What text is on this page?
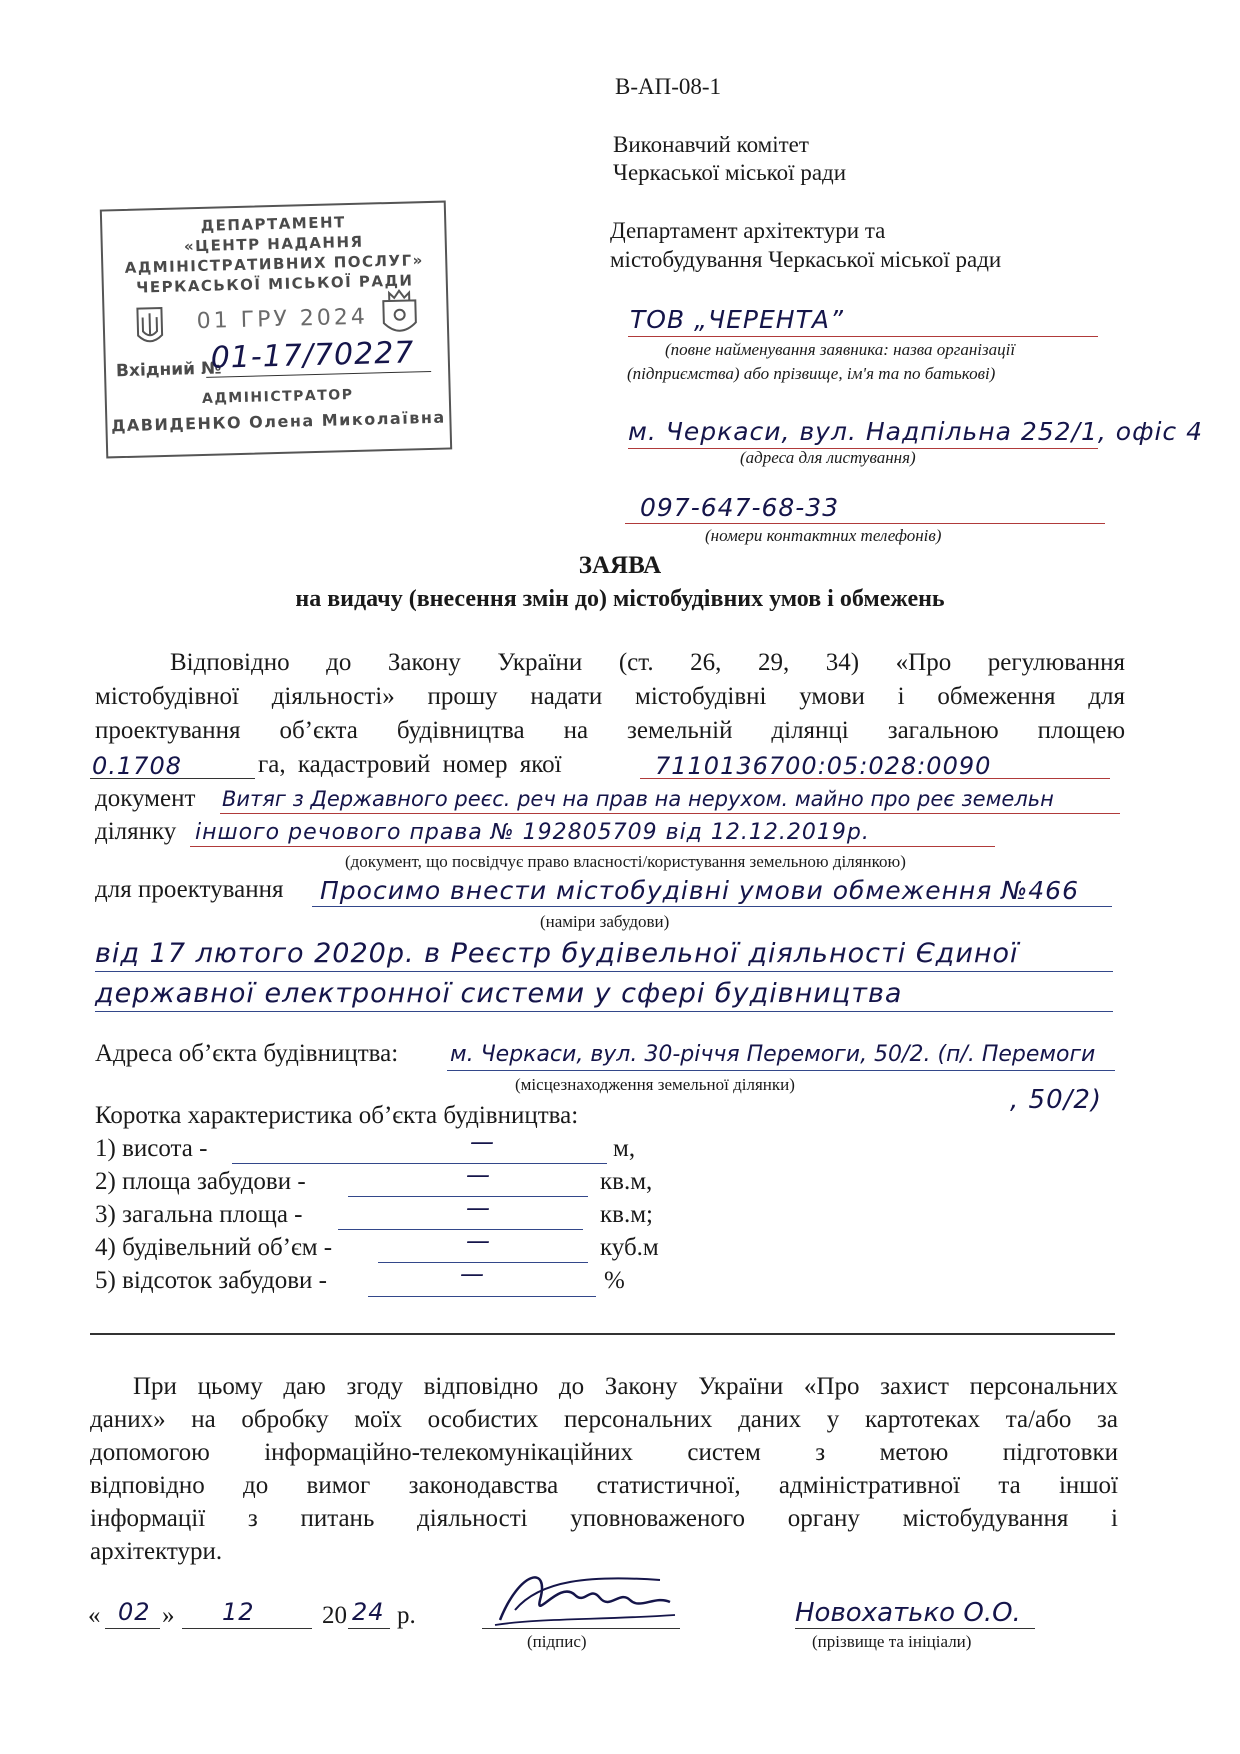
В-АП-08-1
Виконавчий комітет
Черкаської міської ради
Департамент архітектури та
містобудування Черкаської міської ради
ДЕПАРТАМЕНТ
«ЦЕНТР НАДАННЯ
АДМІНІСТРАТИВНИХ ПОСЛУГ»
ЧЕРКАСЬКОЇ МІСЬКОЇ РАДИ
01 ГРУ 2024
Вхідний №
01-17/70227
АДМІНІСТРАТОР
ДАВИДЕНКО Олена Миколаївна
ТОВ „ЧЕРЕНТА”
(повне найменування заявника: назва організації
(підприємства) або прізвище, ім'я та по батькові)
м. Черкаси, вул. Надпільна 252/1, офіс 4
(адреса для листування)
097-647-68-33
(номери контактних телефонів)
ЗАЯВА
на видачу (внесення змін до) містобудівних умов і обмежень
Відповідно до Закону України (ст. 26, 29, 34) «Про регулювання
містобудівної діяльності» прошу надати містобудівні умови і обмеження для
проектування об’єкта будівництва на земельній ділянці загальною площею
0.1708	га, кадастровий номер якої	7110136700:05:028:0090
документ Витяг з Державного реєс. реч на прав на нерухом. майно про реє земельн
ділянку іншого речового права № 192805709 від 12.12.2019р.
(документ, що посвідчує право власності/користування земельною ділянкою)
для проектування Просимо внести містобудівні умови обмеження №466
(наміри забудови)
від 17 лютого 2020р. в Реєстр будівельної діяльності Єдиної
державної електронної системи у сфері будівництва
Адреса об’єкта будівництва: м. Черкаси, вул. 30-річчя Перемоги, 50/2. (п/. Перемоги
(місцезнаходження земельної ділянки)
, 50/2)
Коротка характеристика об’єкта будівництва:
1) висота -	—	м,
2) площа забудови -	—	кв.м,
3) загальна площа -	—	кв.м;
4) будівельний об’єм -	—	куб.м
5) відсоток забудови -	—	%
При цьому даю згоду відповідно до Закону України «Про захист персональних
даних» на обробку моїх особистих персональних даних у картотеках та/або за
допомогою інформаційно-телекомунікаційних систем з метою підготовки
відповідно до вимог законодавства статистичної, адміністративної та іншої
інформації з питань діяльності уповноваженого органу містобудування і
архітектури.
« 02 » 12	20 24 р.
(підпис)
Новохатько О.О.
(прізвище та ініціали)
